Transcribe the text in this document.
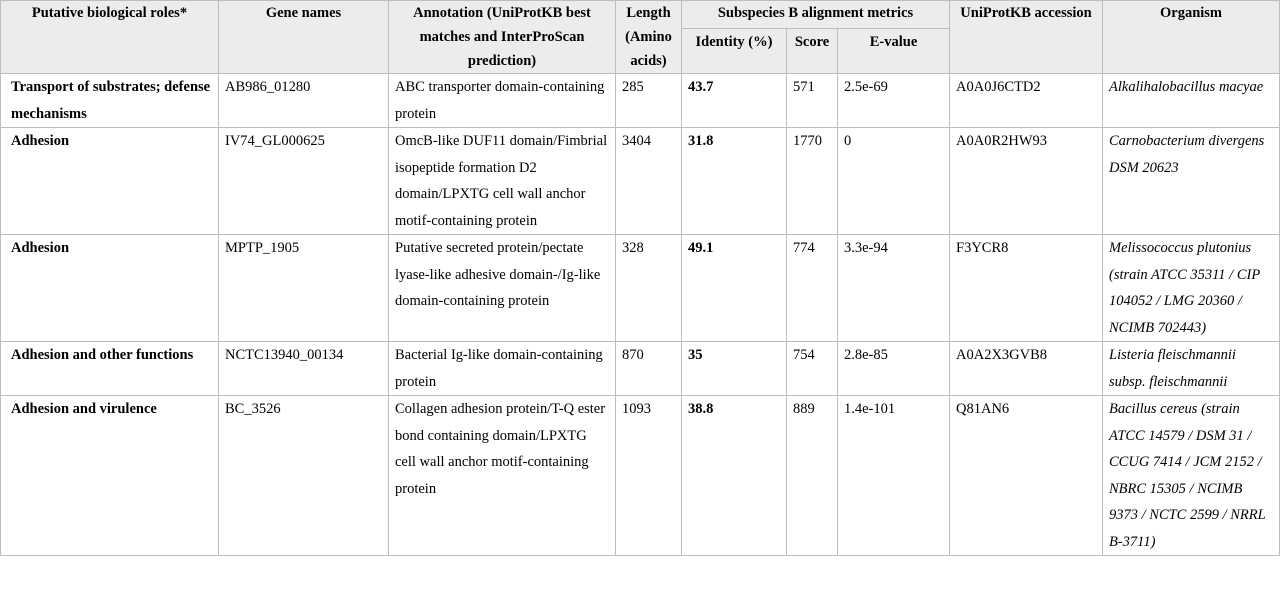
Putative biological roles*	Gene names	Annotation (UniProtKB best matches and InterProScan prediction)	Length (Amino acids)	Subspecies B alignment metrics			UniProtKB accession	Organism
				Identity (%)	Score	E-value		
Transport of substrates; defense mechanisms	AB986_01280	ABC transporter domain-containing protein	285	43.7	571	2.5e-69	A0A0J6CTD2	Alkalihalobacillus macyae
Adhesion	IV74_GL000625	OmcB-like DUF11 domain/Fimbrial isopeptide formation D2 domain/LPXTG cell wall anchor motif-containing protein	3404	31.8	1770	0	A0A0R2HW93	Carnobacterium divergens DSM 20623
Adhesion	MPTP_1905	Putative secreted protein/pectate lyase-like adhesive domain-/Ig-like domain-containing protein	328	49.1	774	3.3e-94	F3YCR8	Melissococcus plutonius (strain ATCC 35311 / CIP 104052 / LMG 20360 / NCIMB 702443)
Adhesion and other functions	NCTC13940_00134	Bacterial Ig-like domain-containing protein	870	35	754	2.8e-85	A0A2X3GVB8	Listeria fleischmannii subsp. fleischmannii
Adhesion and virulence	BC_3526	Collagen adhesion protein/T-Q ester bond containing domain/LPXTG cell wall anchor motif-containing protein	1093	38.8	889	1.4e-101	Q81AN6	Bacillus cereus (strain ATCC 14579 / DSM 31 / CCUG 7414 / JCM 2152 / NBRC 15305 / NCIMB 9373 / NCTC 2599 / NRRL B-3711)
